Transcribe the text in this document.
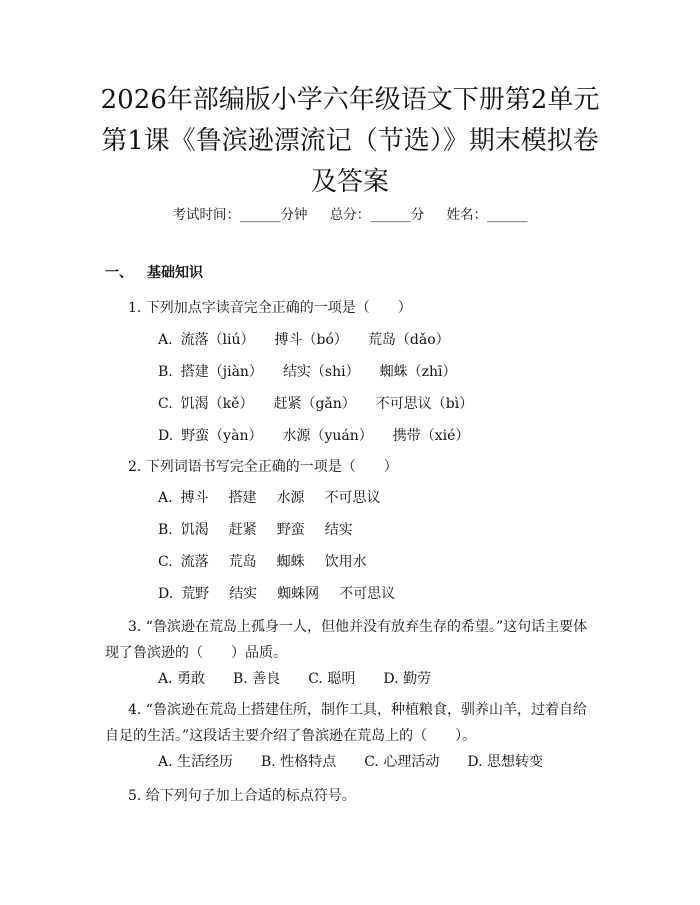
2026年部编版小学六年级语文下册第2单元第1课《鲁滨逊漂流记（节选）》期末模拟卷及答案
考试时间：______分钟 总分：______分 姓名：______
一、 基础知识
1. 下列加点字读音完全正确的一项是（　　）
A. 流落（liú） 搏斗（bó） 荒岛（dǎo）
B. 搭建（jiàn） 结实（shi） 蜘蛛（zhī）
C. 饥渴（kě） 赶紧（gǎn） 不可思议（bì）
D. 野蛮（yàn） 水源（yuán） 携带（xié）
2. 下列词语书写完全正确的一项是（　　）
A. 搏斗 搭建 水源 不可思议
B. 饥渴 赶紧 野蛮 结实
C. 流落 荒岛 蜘蛛 饮用水
D. 荒野 结实 蜘蛛网 不可思议
3. “鲁滨逊在荒岛上孤身一人，但他并没有放弃生存的希望。”这句话主要体现了鲁滨逊的（　　）品质。
A. 勇敢 B. 善良 C. 聪明 D. 勤劳
4. “鲁滨逊在荒岛上搭建住所，制作工具，种植粮食，驯养山羊，过着自给自足的生活。”这段话主要介绍了鲁滨逊在荒岛上的（　　）。
A. 生活经历 B. 性格特点 C. 心理活动 D. 思想转变
5. 给下列句子加上合适的标点符号。
